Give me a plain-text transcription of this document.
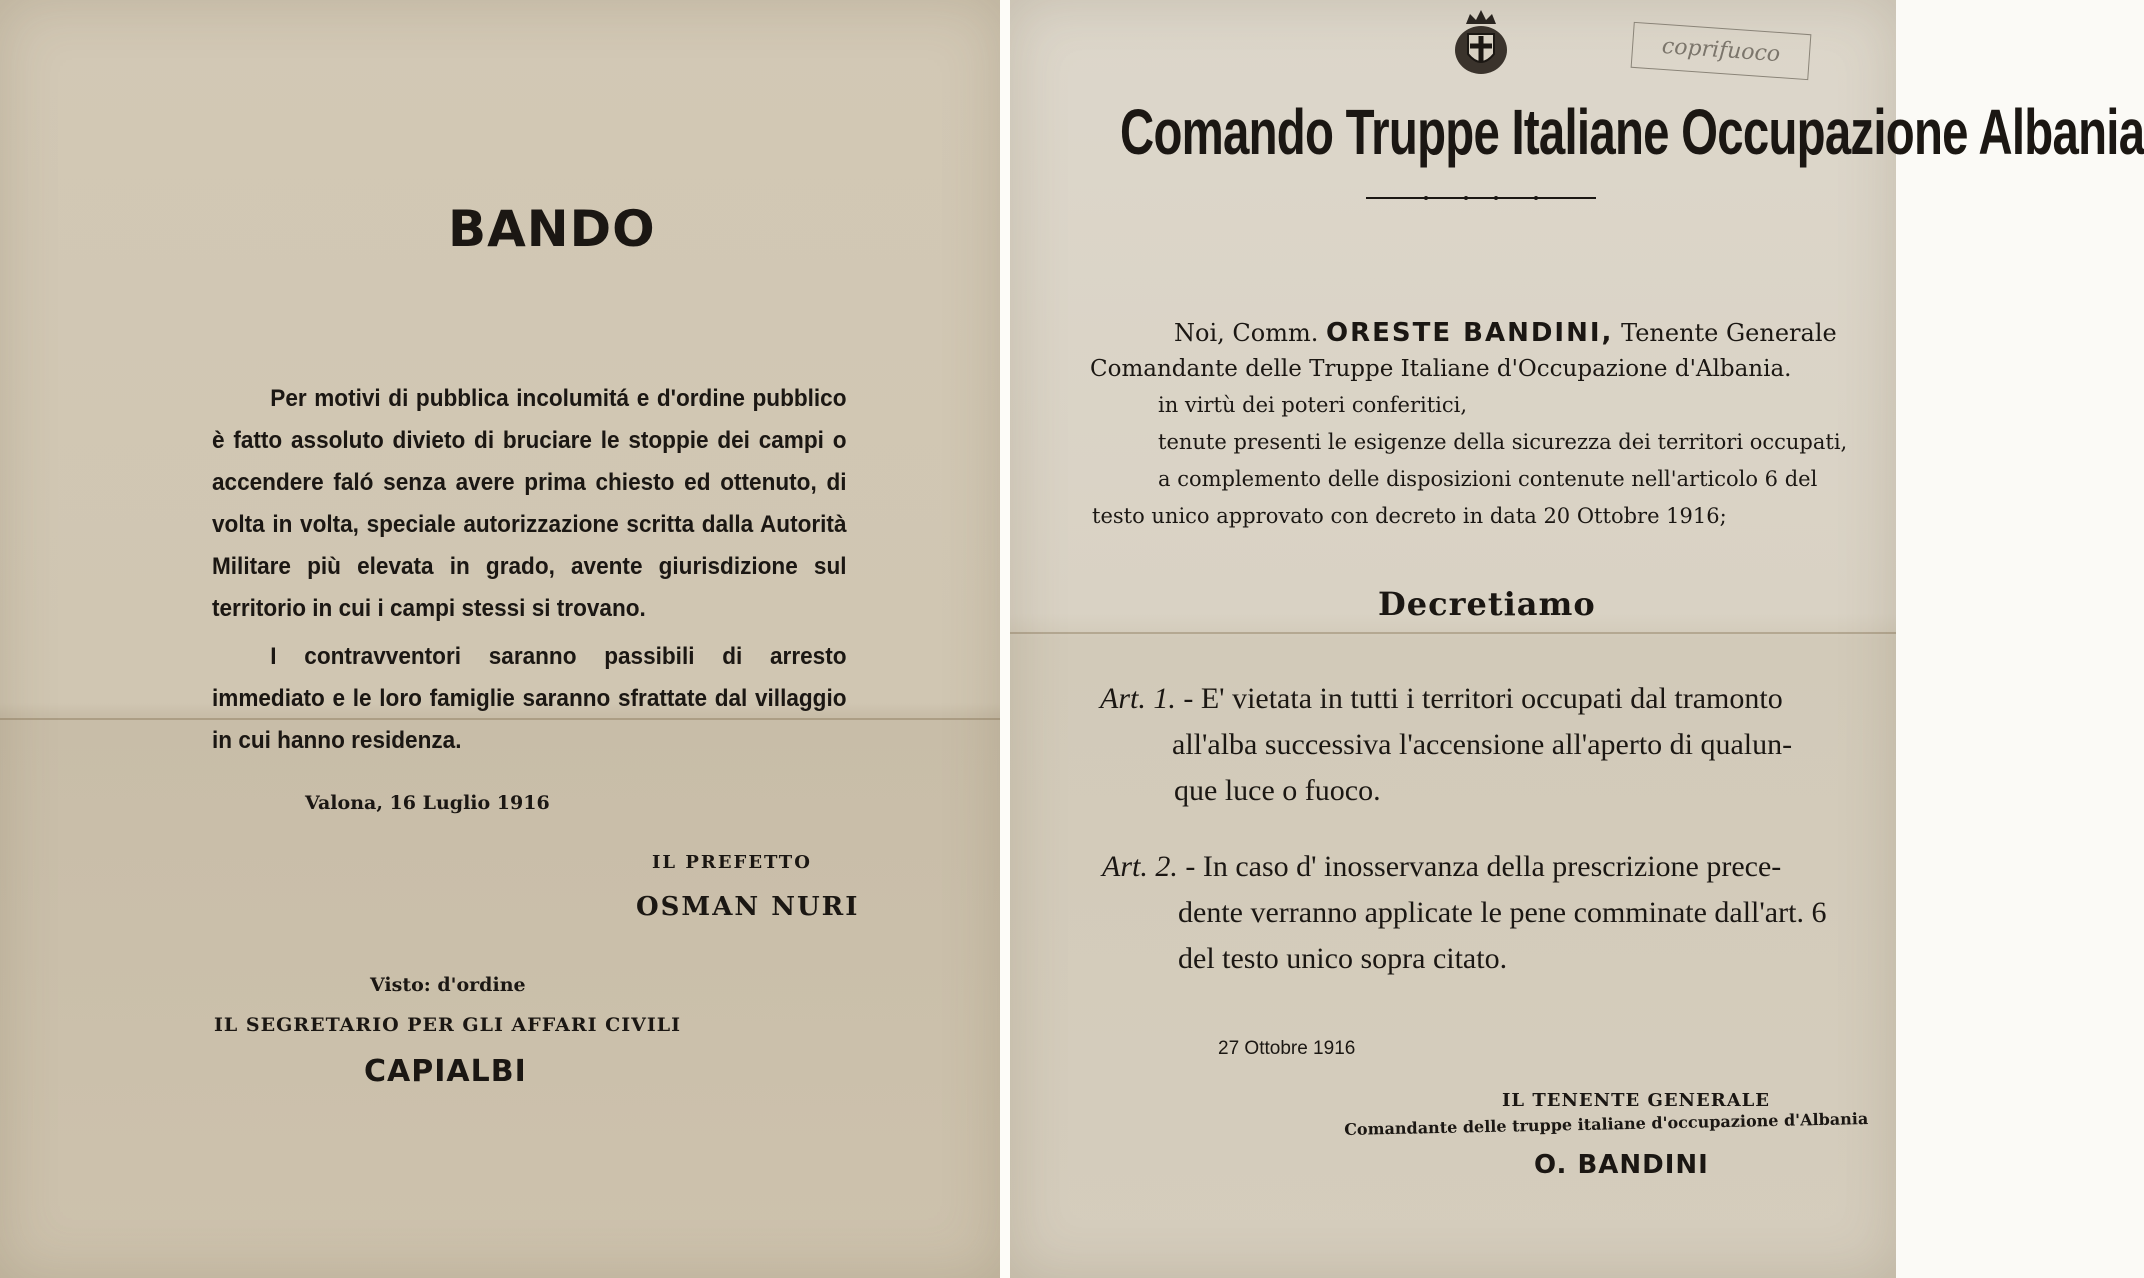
BANDO

Per motivi di pubblica incolumitá e d'ordine pubblico è fatto assoluto divieto di bruciare le stoppie dei campi o accendere faló senza avere prima chiesto ed ottenuto, di volta in volta, speciale autorizzazione scritta dalla Autorità Militare più elevata in grado, avente giurisdizione sul territorio in cui i campi stessi si trovano.

I contravventori saranno passibili di arresto immediato e le loro famiglie saranno sfrattate dal villaggio in cui hanno residenza.

Valona, 16 Luglio 1916
IL PREFETTO
OSMAN NURI
Visto: d'ordine
IL SEGRETARIO PER GLI AFFARI CIVILI
CAPIALBI
coprifuoco
Comando Truppe Italiane Occupazione Albania
Noi, Comm. ORESTE BANDINI, Tenente Generale
Comandante delle Truppe Italiane d'Occupazione d'Albania.
in virtù dei poteri conferitici,
tenute presenti le esigenze della sicurezza dei territori occupati,
a complemento delle disposizioni contenute nell'articolo 6 del
testo unico approvato con decreto in data 20 Ottobre 1916;
Decretiamo
Art. 1. - E' vietata in tutti i territori occupati dal tramonto
all'alba successiva l'accensione all'aperto di qualun-
que luce o fuoco.
Art. 2. - In caso d' inosservanza della prescrizione prece-
dente verranno applicate le pene comminate dall'art. 6
del testo unico sopra citato.
27 Ottobre 1916
IL TENENTE GENERALE
Comandante delle truppe italiane d'occupazione d'Albania
O. BANDINI
